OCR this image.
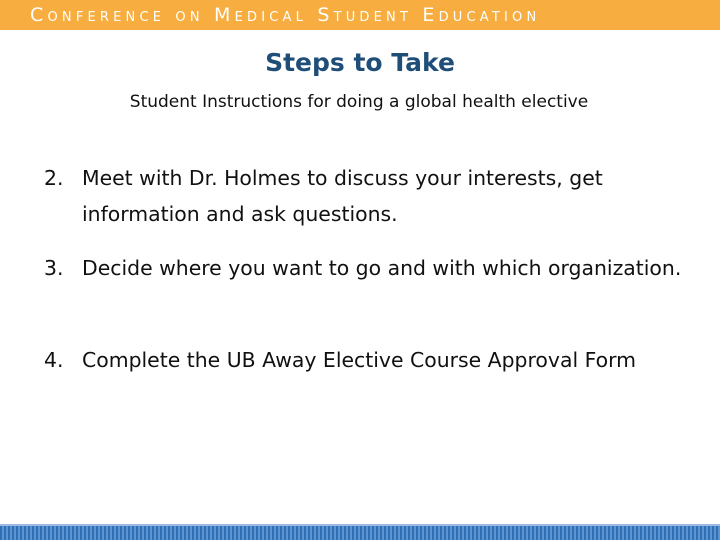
Conference on Medical Student Education
Steps to Take
Student Instructions for doing a global health elective
2. Meet with Dr. Holmes to discuss your interests, get information and ask questions.
3. Decide where you want to go and with which organization.
4. Complete the UB Away Elective Course Approval Form
